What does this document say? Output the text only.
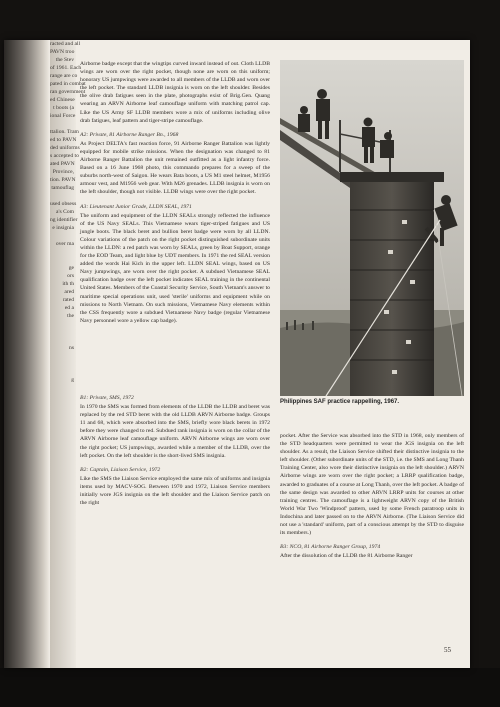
racted and all

PAVN troo

the Stev

of 1961. Each

range are co

pated in combat

ran government

ed Chinese

t boots (a

ional Force

ttalion. Tram

ed to PAVN

ded uniforms

s accepted to

ated PAVN

Province,

tion. PAVN

tamouflag

used obsess

a's Com

ng identifier

e insignia

over ma

ge

ors

ith th

ared

rated

ed a

the

ns

g

Airborne badge except that the wingtips curved inward instead of out. Cloth LLDB wings are worn over the right pocket, though none are worn on this uniform; honorary US jumpwings were awarded to all members of the LLDB and worn over the left pocket. The standard LLDB insignia is worn on the left shoulder. Besides the olive drab fatigues seen in the plate, photographs exist of Brig.Gen. Quang wearing an ARVN Airborne leaf camouflage uniform with matching patrol cap. Like the US Army SF LLDB members wore a mix of uniforms including olive drab fatigues, leaf pattern and tiger-stripe camouflage.

A2: Private, 81 Airborne Ranger Bn., 1968

As Project DELTA's fast reaction force, 91 Airborne Ranger Battalion was lightly equipped for mobile strike missions. When the designation was changed to 81 Airborne Ranger Battalion the unit remained outfitted as a light infantry force. Based on a 16 June 1968 photo, this commando prepares for a sweep of the suburbs north-west of Saigon. He wears Bata boots, a US M1 steel helmet, M1956 armour vest, and M1956 web gear. With M26 grenades. LLDB insignia is worn on the left shoulder, though not visible. LLDB wings were over the right pocket.

A3: Lieutenant Junior Grade, LLDN SEAL, 1971

The uniform and equipment of the LLDN SEALs strongly reflected the influence of the US Navy SEALs. This Vietnamese wears tiger-striped fatigues and US jungle boots. The black beret and bullion beret badge were worn by all LLDN. Colour variations of the patch on the right pocket distinguished subordinate units within the LLDN: a red patch was worn by SEALs, green by Boat Support, orange for the EOD Team, and light blue by UDT members. In 1971 the red SEAL version added the words Hai Kich in the upper left. LLDN SEAL wings, based on US Navy jumpwings, are worn over the right pocket. A subdued Vietnamese SEAL qualification badge over the left pocket indicates SEAL training in the continental United States. Members of the Coastal Security Service, South Vietnam's answer to maritime special operations unit, used 'sterile' uniforms and equipment while on missions to North Vietnam. On such missions, Vietnamese Navy elements within the CSS frequently wore a subdued Vietnamese Navy badge (regular Vietnamese Navy personnel wore a yellow cap badge).

Philippines SAF practice rappelling, 1967.

B1: Private, SMS, 1972

In 1970 the SMS was formed from elements of the LLDB the LLDB and beret was replaced by the red STD beret with the old LLDB ARVN Airborne badge. Groups 11 and 68, which were absorbed into the SMS, briefly wore black berets in 1972 before they were changed to red. Subdued rank insignia is worn on the collar of the ARVN Airborne leaf camouflage uniform. ARVN Airborne wings are worn over the right pocket; US jumpwings, awarded while a member of the LLDB, over the left pocket. On the left shoulder is the short-lived SMS insignia.

B2: Captain, Liaison Service, 1972

Like the SMS the Liaison Service employed the same mix of uniforms and insignia items used by MACV-SOG. Between 1970 and 1972, Liaison Service members initially wore JGS insignia on the left shoulder and the Liaison Service patch on the right

pocket. After the Service was absorbed into the STD in 1968, only members of the STD headquarters were permitted to wear the JGS insignia on the left shoulder. As a result, the Liaison Service shifted their distinctive insignia to the left shoulder. (Other subordinate units of the STD, i.e. the SMS and Long Thanh Training Center, also wore their distinctive insignia on the left shoulder.) ARVN Airborne wings are worn over the right pocket; a LRRP qualification badge, awarded to graduates of a course at Long Thanh, over the left pocket. A badge of the same design was awarded to other ARVN LRRP units for courses at other training centres. The camouflage is a lightweight ARVN copy of the British World War Two 'Windproof' pattern, used by some French paratroop units in Indochina and later passed on to the ARVN Airborne. (The Liaison Service did not use a 'standard' uniform, part of a conscious attempt by the STD to disguise its members.)

B3: NCO, 81 Airborne Ranger Group, 1974

After the dissolution of the LLDB the 81 Airborne Ranger

55
